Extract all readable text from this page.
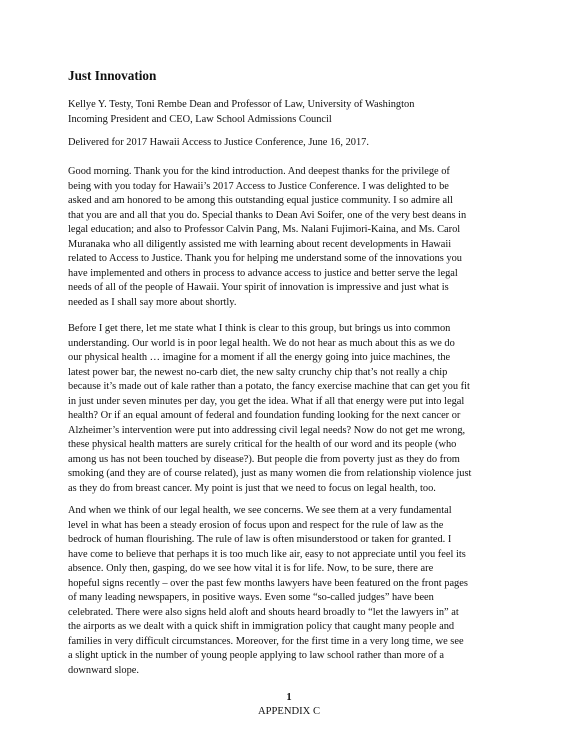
Just Innovation

Kellye Y. Testy, Toni Rembe Dean and Professor of Law, University of Washington
Incoming President and CEO, Law School Admissions Council

Delivered for 2017 Hawaii Access to Justice Conference, June 16, 2017.

Good morning. Thank you for the kind introduction. And deepest thanks for the privilege of
being with you today for Hawaii’s 2017 Access to Justice Conference. I was delighted to be
asked and am honored to be among this outstanding equal justice community. I so admire all
that you are and all that you do. Special thanks to Dean Avi Soifer, one of the very best deans in
legal education; and also to Professor Calvin Pang, Ms. Nalani Fujimori-Kaina, and Ms. Carol
Muranaka who all diligently assisted me with learning about recent developments in Hawaii
related to Access to Justice. Thank you for helping me understand some of the innovations you
have implemented and others in process to advance access to justice and better serve the legal
needs of all of the people of Hawaii. Your spirit of innovation is impressive and just what is
needed as I shall say more about shortly.

Before I get there, let me state what I think is clear to this group, but brings us into common
understanding. Our world is in poor legal health. We do not hear as much about this as we do
our physical health … imagine for a moment if all the energy going into juice machines, the
latest power bar, the newest no-carb diet, the new salty crunchy chip that’s not really a chip
because it’s made out of kale rather than a potato, the fancy exercise machine that can get you fit
in just under seven minutes per day, you get the idea. What if all that energy were put into legal
health? Or if an equal amount of federal and foundation funding looking for the next cancer or
Alzheimer’s intervention were put into addressing civil legal needs? Now do not get me wrong,
these physical health matters are surely critical for the health of our word and its people (who
among us has not been touched by disease?). But people die from poverty just as they do from
smoking (and they are of course related), just as many women die from relationship violence just
as they do from breast cancer. My point is just that we need to focus on legal health, too.

And when we think of our legal health, we see concerns. We see them at a very fundamental
level in what has been a steady erosion of focus upon and respect for the rule of law as the
bedrock of human flourishing. The rule of law is often misunderstood or taken for granted. I
have come to believe that perhaps it is too much like air, easy to not appreciate until you feel its
absence. Only then, gasping, do we see how vital it is for life. Now, to be sure, there are
hopeful signs recently – over the past few months lawyers have been featured on the front pages
of many leading newspapers, in positive ways. Even some “so-called judges” have been
celebrated. There were also signs held aloft and shouts heard broadly to “let the lawyers in” at
the airports as we dealt with a quick shift in immigration policy that caught many people and
families in very difficult circumstances. Moreover, for the first time in a very long time, we see
a slight uptick in the number of young people applying to law school rather than more of a
downward slope.

1
APPENDIX C
